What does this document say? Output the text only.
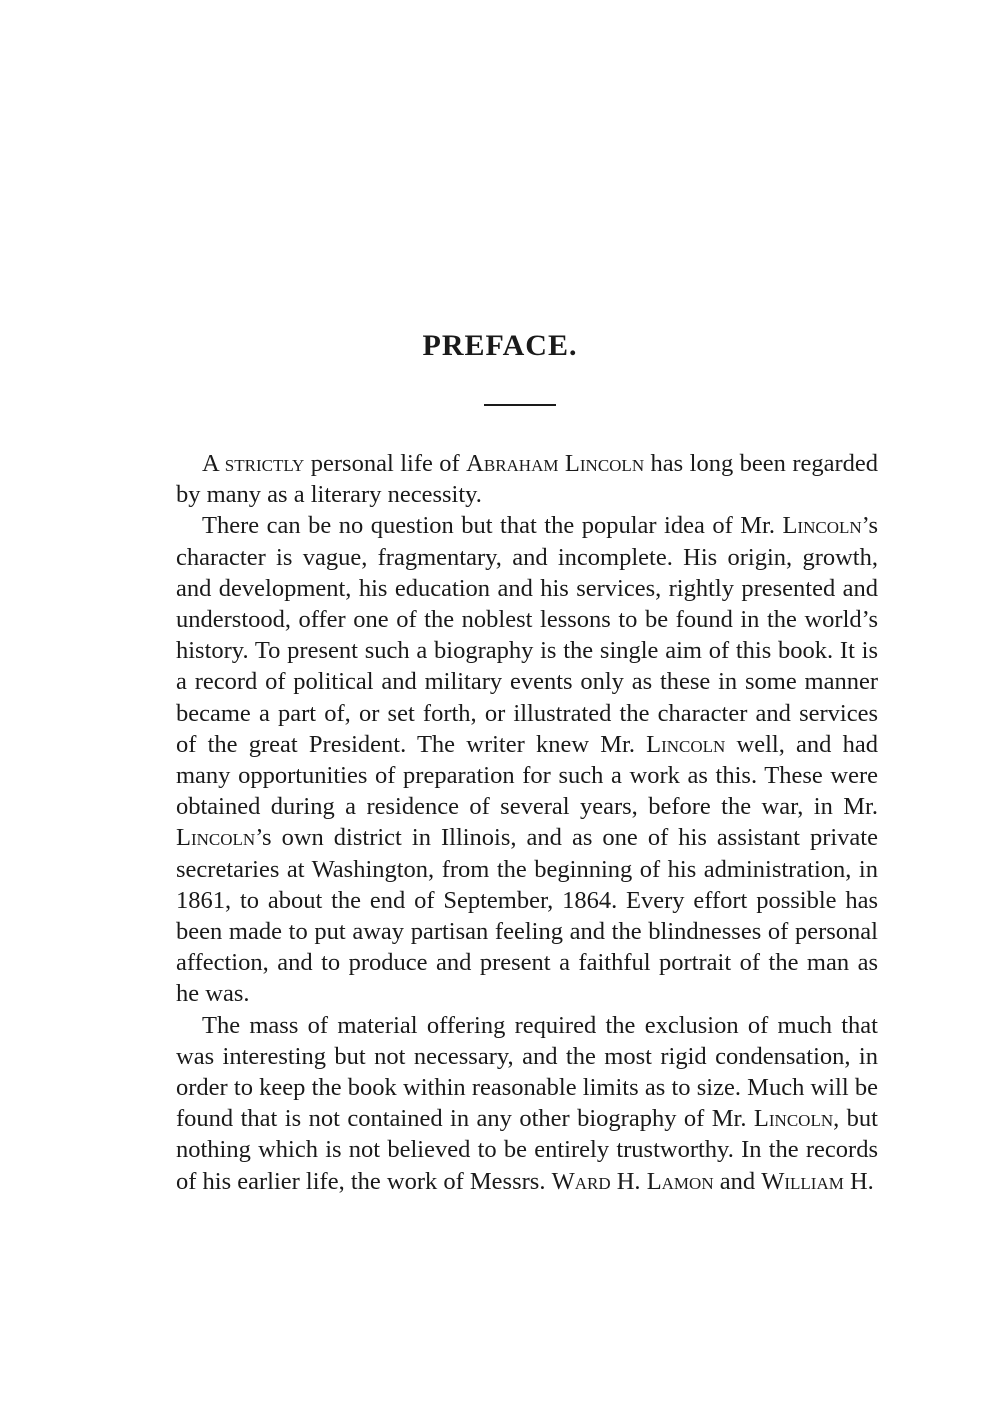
PREFACE.

A strictly personal life of Abraham Lincoln has long been regarded by many as a literary necessity.

There can be no question but that the popular idea of Mr. Lincoln’s character is vague, fragmentary, and incomplete. His origin, growth, and development, his education and his services, rightly presented and understood, offer one of the noblest lessons to be found in the world’s history. To present such a biography is the single aim of this book. It is a record of political and military events only as these in some manner became a part of, or set forth, or illustrated the character and services of the great President. The writer knew Mr. Lincoln well, and had many opportunities of preparation for such a work as this. These were obtained during a residence of several years, before the war, in Mr. Lincoln’s own district in Illinois, and as one of his assistant private secretaries at Washington, from the beginning of his administration, in 1861, to about the end of September, 1864. Every effort possible has been made to put away partisan feeling and the blindnesses of personal affection, and to produce and present a faithful portrait of the man as he was.

The mass of material offering required the exclusion of much that was interesting but not necessary, and the most rigid condensation, in order to keep the book within reasonable limits as to size. Much will be found that is not contained in any other biography of Mr. Lincoln, but nothing which is not believed to be entirely trustworthy. In the records of his earlier life, the work of Messrs. Ward H. Lamon and William H.
